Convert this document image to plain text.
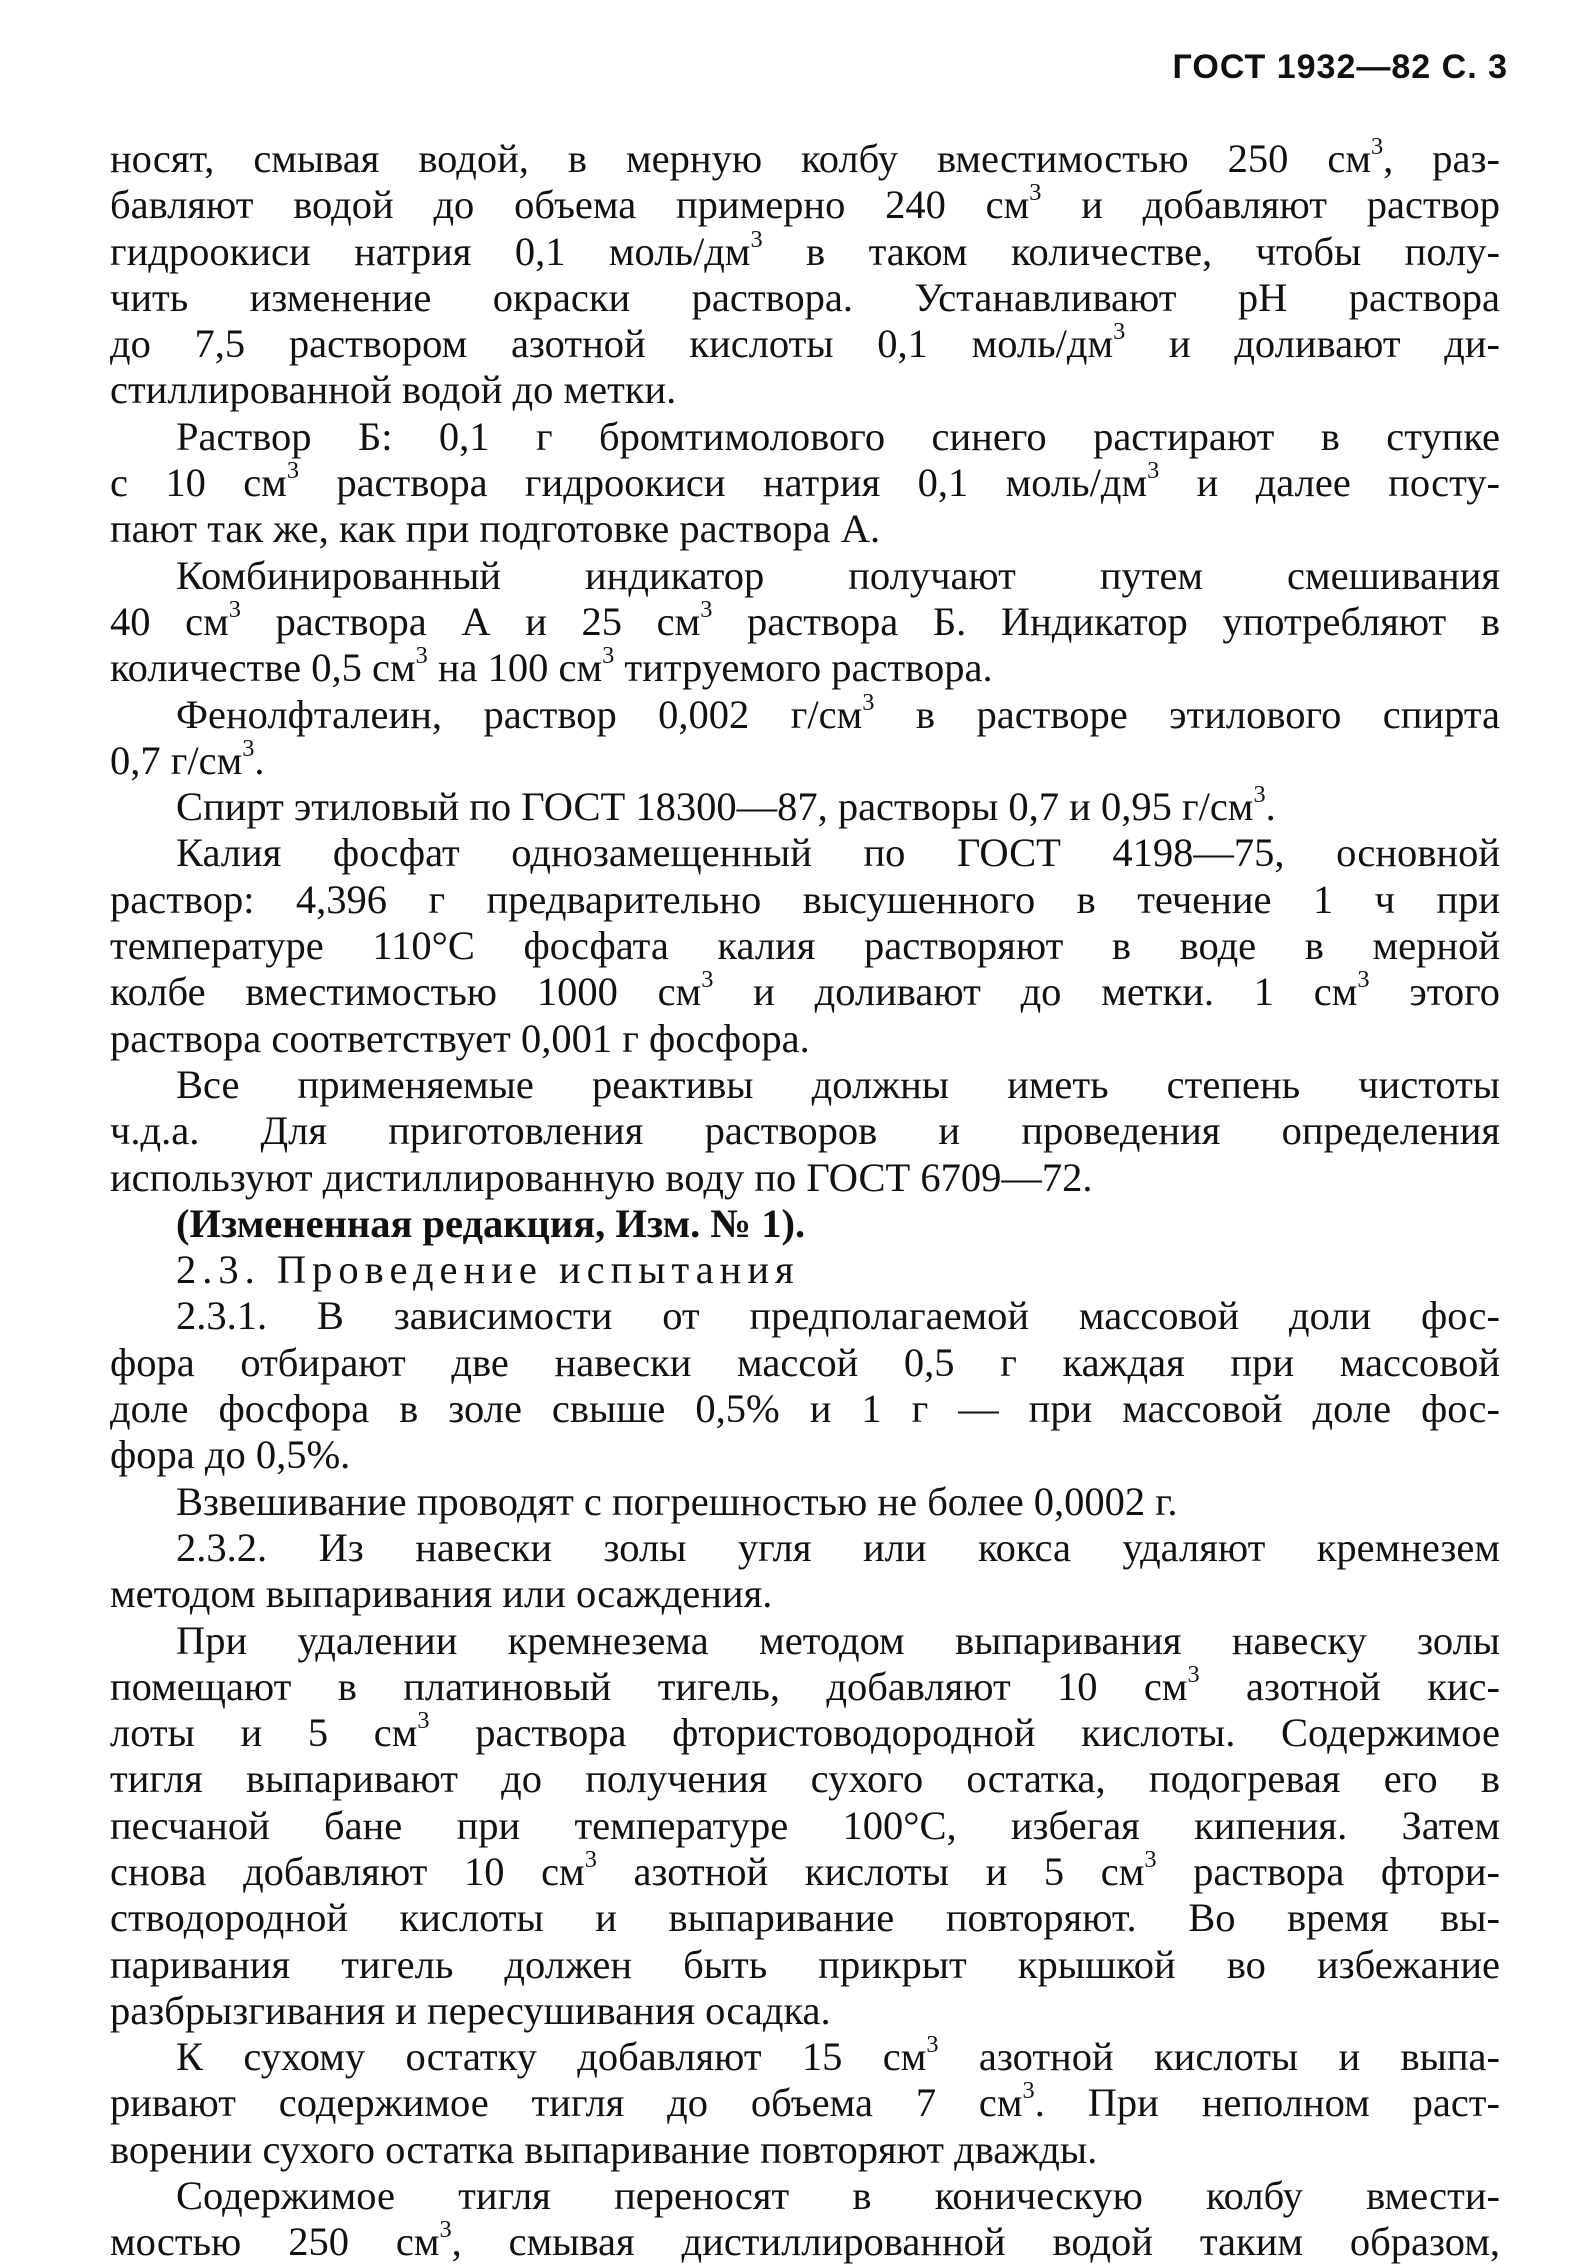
ГОСТ 1932—82 С. 3

носят, смывая водой, в мерную колбу вместимостью 250 $см^3$, раз-
бавляют водой до объема примерно 240 $см^3$ и добавляют раствор
гидроокиси натрия 0,1 моль/$дм^3$ в таком количестве, чтобы полу-
чить изменение окраски раствора. Устанавливают pH раствора
до 7,5 раствором азотной кислоты 0,1 моль/$дм^3$ и доливают ди-
стиллированной водой до метки.

Раствор Б: 0,1 г бромтимолового синего растирают в ступке
с 10 $см^3$ раствора гидроокиси натрия 0,1 моль/$дм^3$ и далее посту-
пают так же, как при подготовке раствора А.

Комбинированный индикатор получают путем смешивания
40 $см^3$ раствора А и 25 $см^3$ раствора Б. Индикатор употребляют в
количестве 0,5 $см^3$ на 100 $см^3$ титруемого раствора.

Фенолфталеин, раствор 0,002 $г/см^3$ в растворе этилового спирта
0,7 $г/см^3$.

Спирт этиловый по ГОСТ 18300—87, растворы 0,7 и 0,95 $г/см^3$.

Калия фосфат однозамещенный по ГОСТ 4198—75, основной
раствор: 4,396 г предварительно высушенного в течение 1 ч при
температуре 110°С фосфата калия растворяют в воде в мерной
колбе вместимостью 1000 $см^3$ и доливают до метки. 1 $см^3$ этого
раствора соответствует 0,001 г фосфора.

Все применяемые реактивы должны иметь степень чистоты
ч.д.а. Для приготовления растворов и проведения определения
используют дистиллированную воду по ГОСТ 6709—72.

(Измененная редакция, Изм. № 1).

2.3. Проведение испытания

2.3.1. В зависимости от предполагаемой массовой доли фос-
фора отбирают две навески массой 0,5 г каждая при массовой
доле фосфора в золе свыше 0,5% и 1 г — при массовой доле фос-
фора до 0,5%.

Взвешивание проводят с погрешностью не более 0,0002 г.

2.3.2. Из навески золы угля или кокса удаляют кремнезем
методом выпаривания или осаждения.

При удалении кремнезема методом выпаривания навеску золы
помещают в платиновый тигель, добавляют 10 $см^3$ азотной кис-
лоты и 5 $см^3$ раствора фтористоводородной кислоты. Содержимое
тигля выпаривают до получения сухого остатка, подогревая его в
песчаной бане при температуре 100°С, избегая кипения. Затем
снова добавляют 10 $см^3$ азотной кислоты и 5 $см^3$ раствора фтори-
стводородной кислоты и выпаривание повторяют. Во время вы-
паривания тигель должен быть прикрыт крышкой во избежание
разбрызгивания и пересушивания осадка.

К сухому остатку добавляют 15 $см^3$ азотной кислоты и выпа-
ривают содержимое тигля до объема 7 $см^3$. При неполном раст-
ворении сухого остатка выпаривание повторяют дважды.

Содержимое тигля переносят в коническую колбу вмести-
мостью 250 $см^3$, смывая дистиллированной водой таким образом,
